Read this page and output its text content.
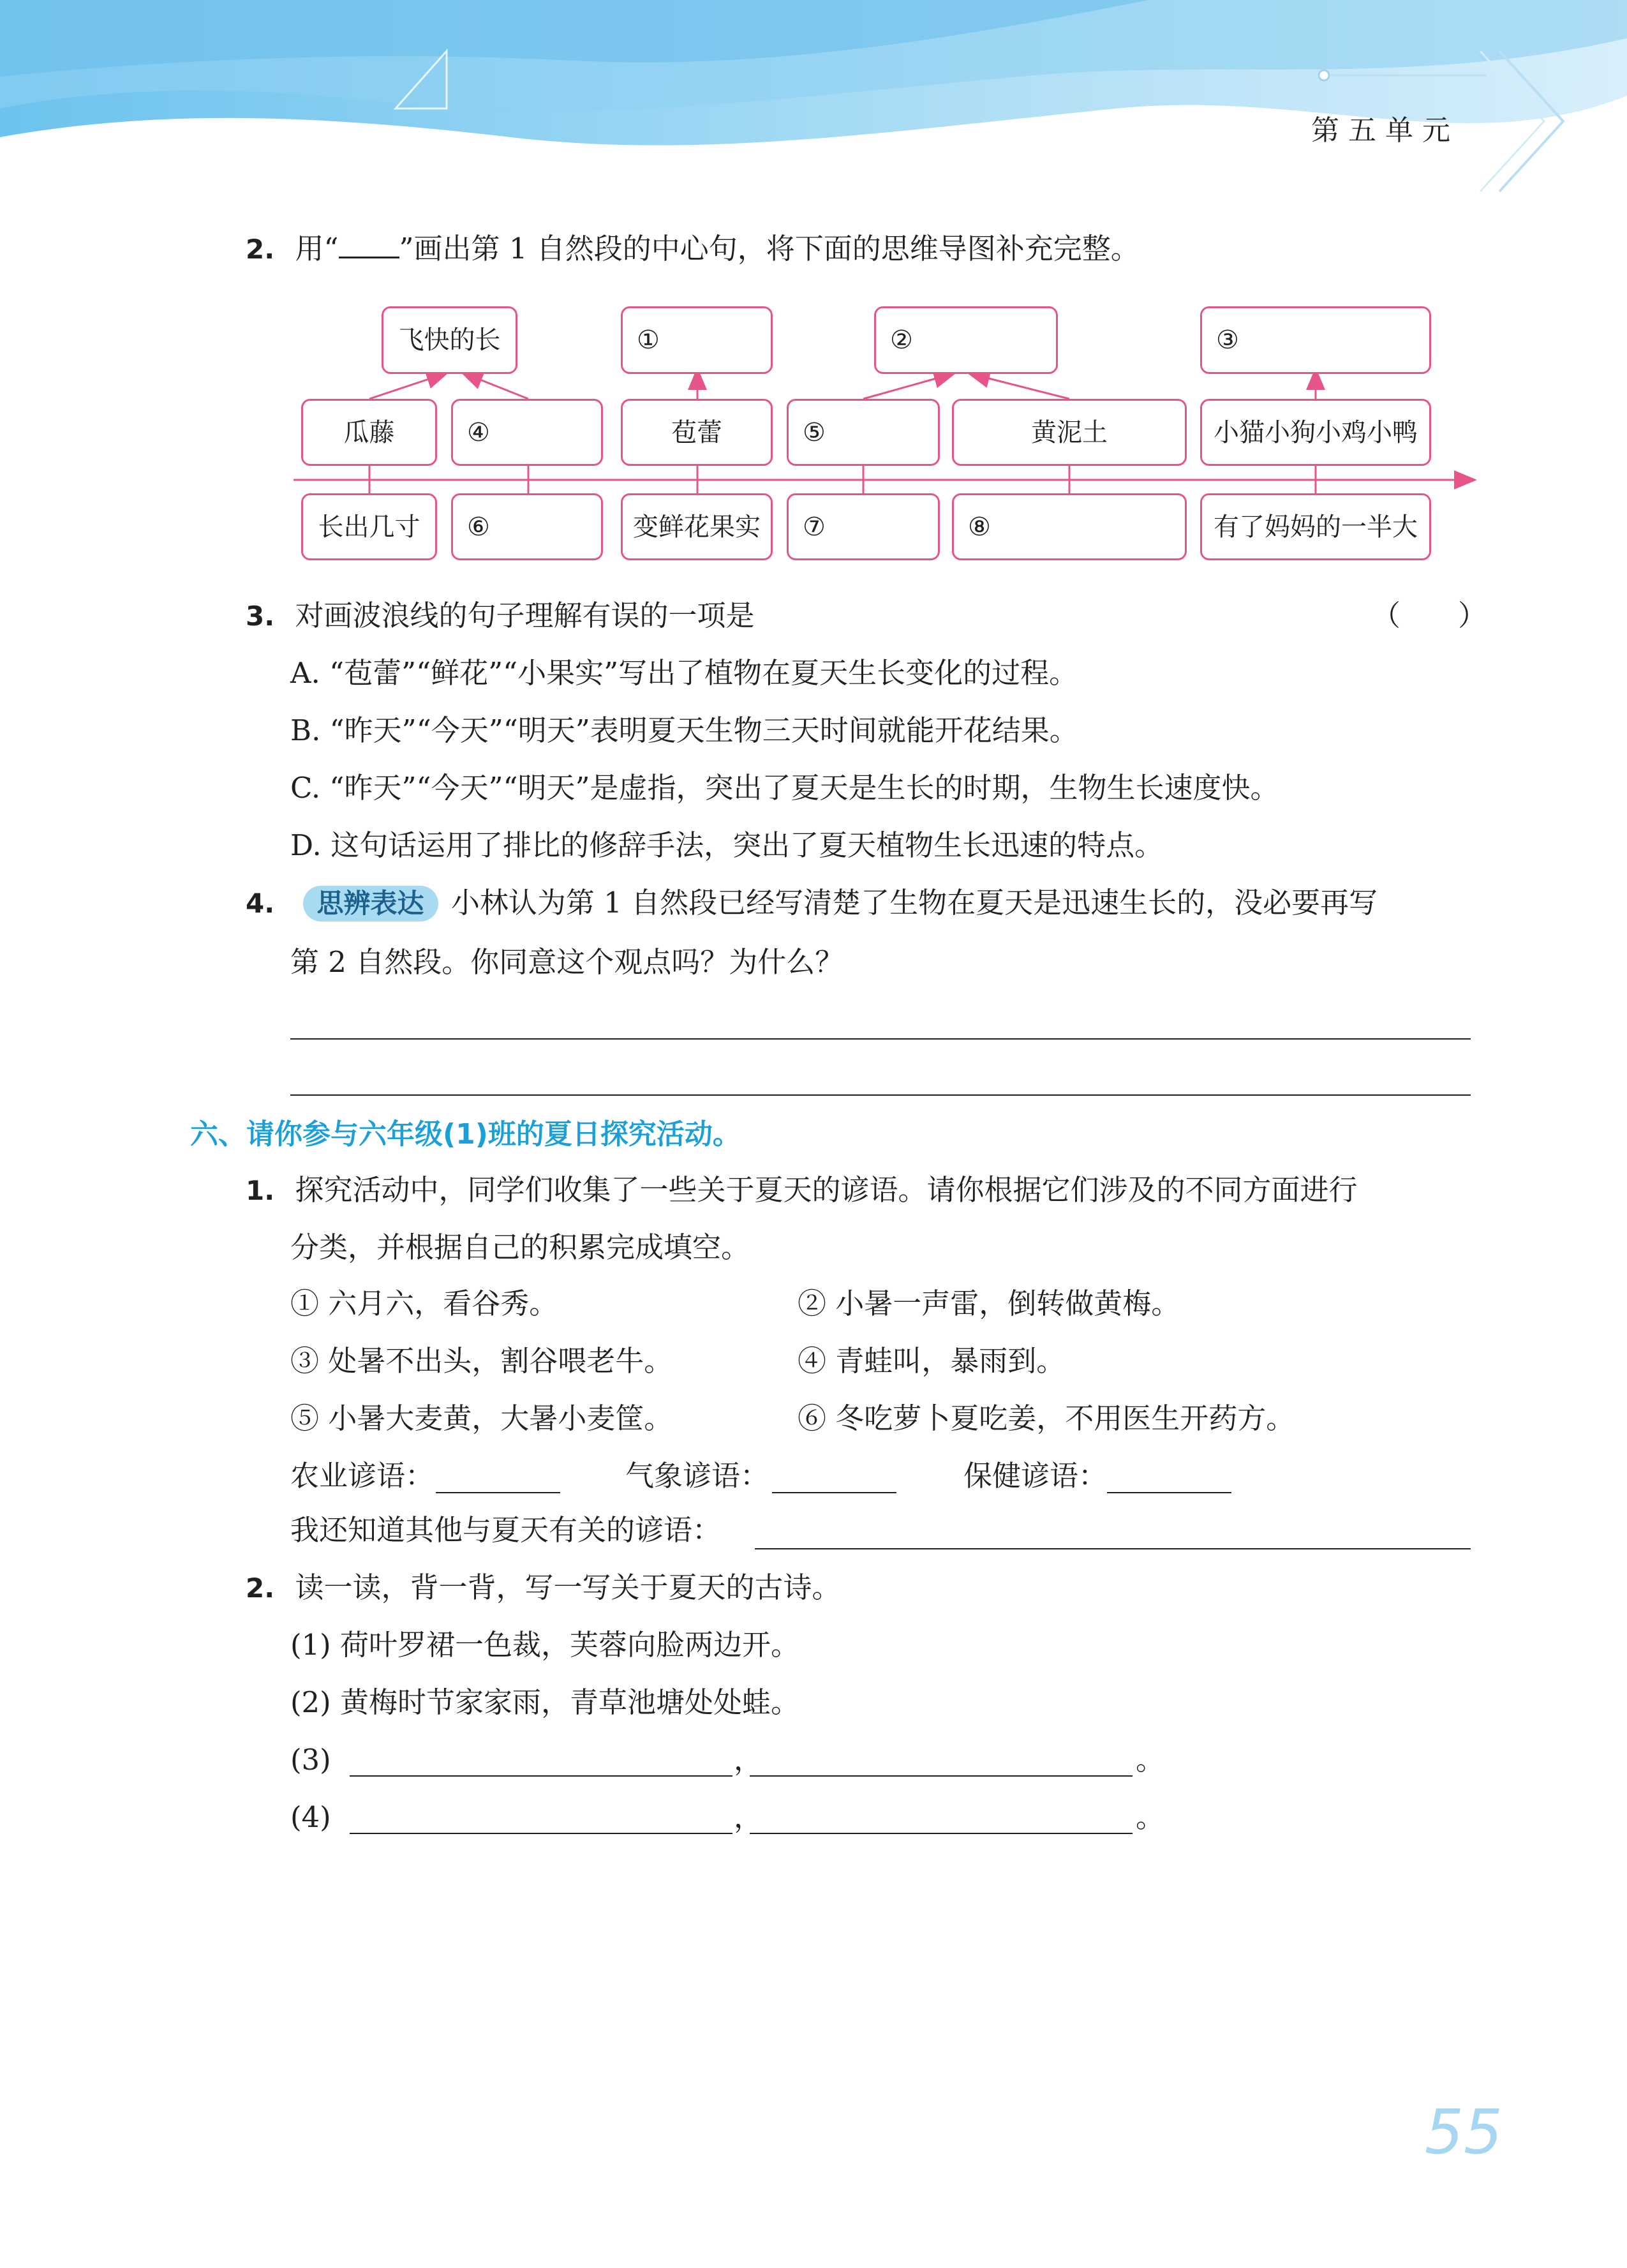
第五单元
2. 用“ ”画出第 1 自然段的中心句，将下面的思维导图补充完整。
飞快的长	①	②	③
瓜藤	④	苞蕾	⑤	黄泥土	小猫小狗小鸡小鸭
长出几寸	⑥	变鲜花果实	⑦	⑧	有了妈妈的一半大
3. 对画波浪线的句子理解有误的一项是	（　　）
A. “苞蕾”“鲜花”“小果实”写出了植物在夏天生长变化的过程。
B. “昨天”“今天”“明天”表明夏天生物三天时间就能开花结果。
C. “昨天”“今天”“明天”是虚指，突出了夏天是生长的时期，生物生长速度快。
D. 这句话运用了排比的修辞手法，突出了夏天植物生长迅速的特点。
4. 思辨表达 小林认为第 1 自然段已经写清楚了生物在夏天是迅速生长的，没必要再写
第 2 自然段。你同意这个观点吗？为什么？
六、请你参与六年级(1)班的夏日探究活动。
1. 探究活动中，同学们收集了一些关于夏天的谚语。请你根据它们涉及的不同方面进行
分类，并根据自己的积累完成填空。
① 六月六，看谷秀。	② 小暑一声雷，倒转做黄梅。
③ 处暑不出头，割谷喂老牛。	④ 青蛙叫，暴雨到。
⑤ 小暑大麦黄，大暑小麦筐。	⑥ 冬吃萝卜夏吃姜，不用医生开药方。
农业谚语：	气象谚语：	保健谚语：
我还知道其他与夏天有关的谚语：
2. 读一读，背一背，写一写关于夏天的古诗。
(1) 荷叶罗裙一色裁，芙蓉向脸两边开。
(2) 黄梅时节家家雨，青草池塘处处蛙。
(3)	，	。
(4)	，	。
55
